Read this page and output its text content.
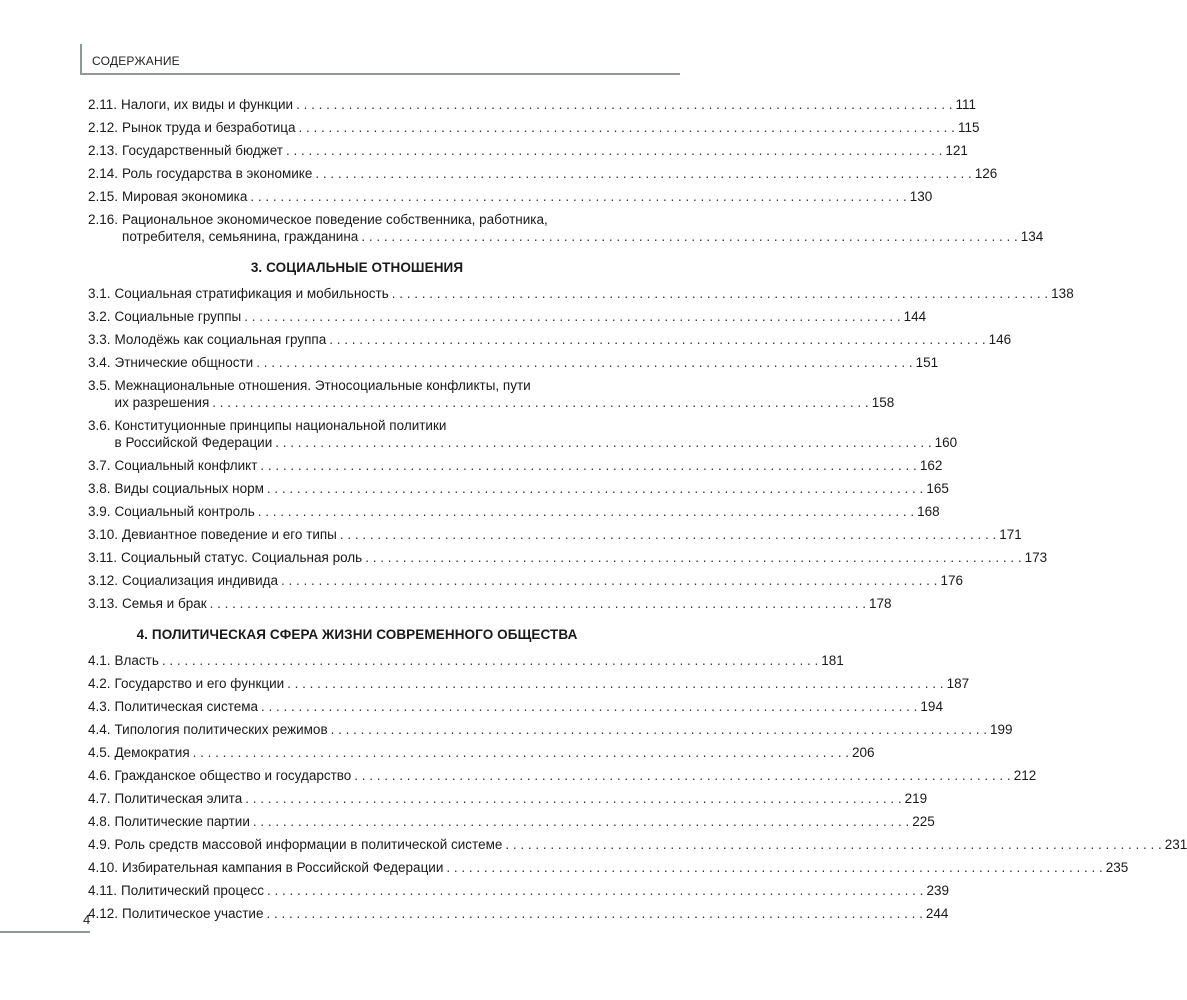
СОДЕРЖАНИЕ
2.11. Налоги, их виды и функции . . .	111
2.12. Рынок труда и безработица . . .	115
2.13. Государственный бюджет . . .	121
2.14. Роль государства в экономике . . .	126
2.15. Мировая экономика . . .	130
2.16. Рациональное экономическое поведение собственника, работника,
потребителя, семьянина, гражданина . . .	134
3. СОЦИАЛЬНЫЕ ОТНОШЕНИЯ
3.1. Социальная стратификация и мобильность . . .	138
3.2. Социальные группы . . .	144
3.3. Молодёжь как социальная группа . . .	146
3.4. Этнические общности . . .	151
3.5. Межнациональные отношения. Этносоциальные конфликты, пути
их разрешения . . .	158
3.6. Конституционные принципы национальной политики
в Российской Федерации . . .	160
3.7. Социальный конфликт . . .	162
3.8. Виды социальных норм . . .	165
3.9. Социальный контроль . . .	168
3.10. Девиантное поведение и его типы . . .	171
3.11. Социальный статус. Социальная роль . . .	173
3.12. Социализация индивида . . .	176
3.13. Семья и брак . . .	178
4. ПОЛИТИЧЕСКАЯ СФЕРА ЖИЗНИ СОВРЕМЕННОГО ОБЩЕСТВА
4.1. Власть . . .	181
4.2. Государство и его функции . . .	187
4.3. Политическая система . . .	194
4.4. Типология политических режимов . . .	199
4.5. Демократия . . .	206
4.6. Гражданское общество и государство . . .	212
4.7. Политическая элита . . .	219
4.8. Политические партии . . .	225
4.9. Роль средств массовой информации в политической системе . . .	231
4.10. Избирательная кампания в Российской Федерации . . .	235
4.11. Политический процесс . . .	239
4.12. Политическое участие . . .	244
4
